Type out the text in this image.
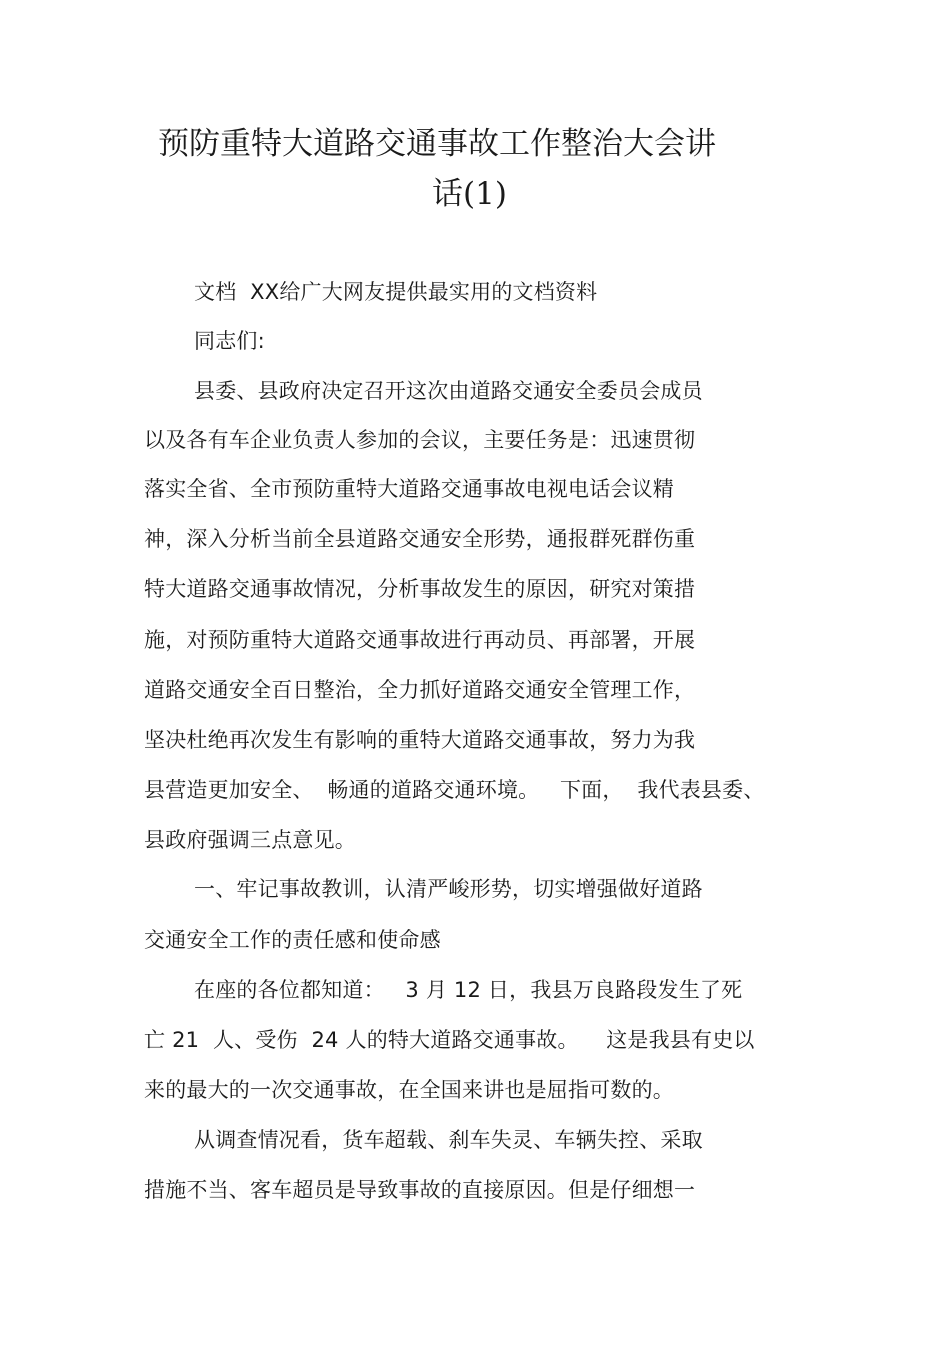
预防重特大道路交通事故工作整治大会讲
话(1)
文档  XX给广大网友提供最实用的文档资料
同志们:
县委、县政府决定召开这次由道路交通安全委员会成员
以及各有车企业负责人参加的会议，主要任务是：迅速贯彻
落实全省、全市预防重特大道路交通事故电视电话会议精
神，深入分析当前全县道路交通安全形势，通报群死群伤重
特大道路交通事故情况，分析事故发生的原因，研究对策措
施，对预防重特大道路交通事故进行再动员、再部署，开展
道路交通安全百日整治，全力抓好道路交通安全管理工作，
坚决杜绝再次发生有影响的重特大道路交通事故，努力为我
县营造更加安全、  畅通的道路交通环境。   下面，  我代表县委、
县政府强调三点意见。
一、牢记事故教训，认清严峻形势，切实增强做好道路
交通安全工作的责任感和使命感
在座的各位都知道：   3 月 12 日，我县万良路段发生了死
亡 21  人、受伤  24 人的特大道路交通事故。    这是我县有史以
来的最大的一次交通事故，在全国来讲也是屈指可数的。
从调查情况看，货车超载、刹车失灵、车辆失控、采取
措施不当、客车超员是导致事故的直接原因。但是仔细想一
